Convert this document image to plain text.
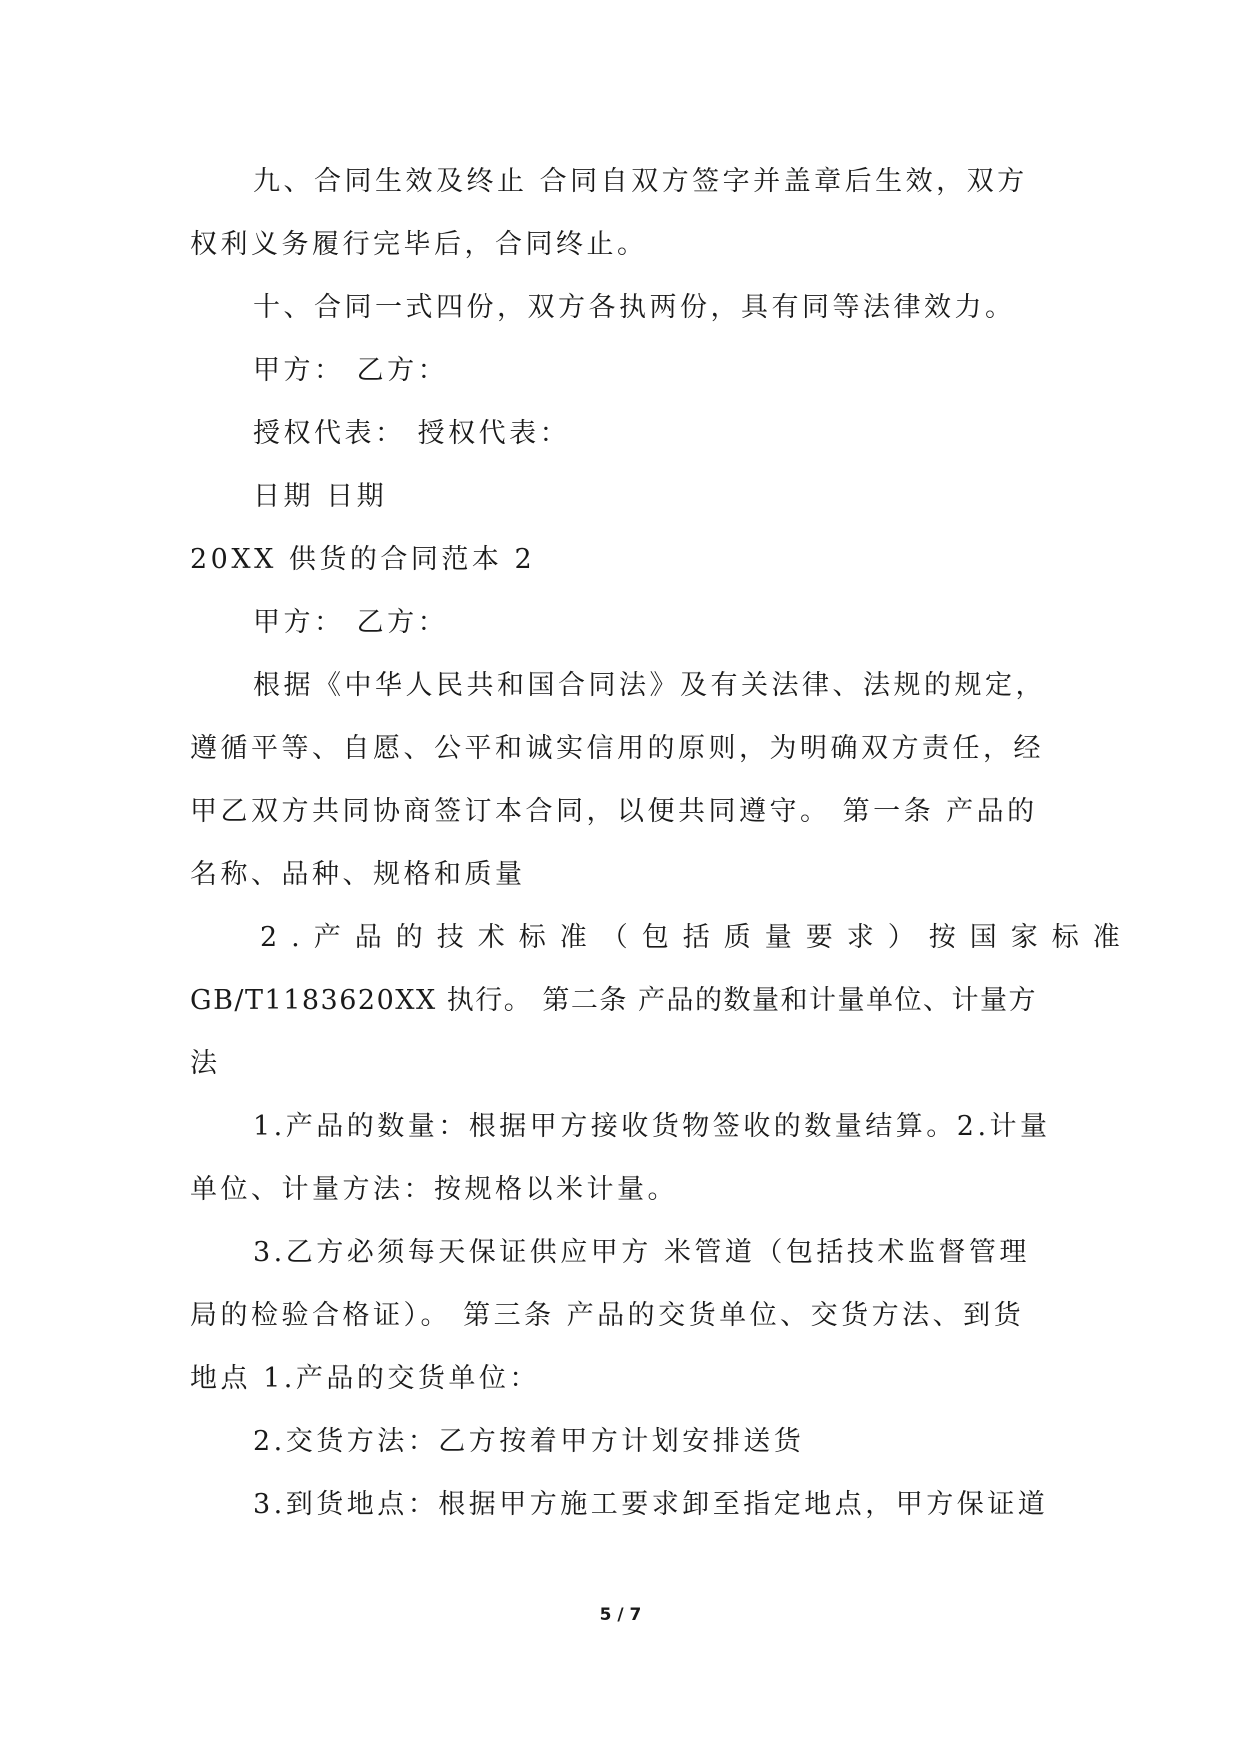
九、合同生效及终止 合同自双方签字并盖章后生效，双方
权利义务履行完毕后，合同终止。
十、合同一式四份，双方各执两份，具有同等法律效力。
甲方： 乙方：
授权代表： 授权代表：
日期 日期
20XX 供货的合同范本 2
甲方： 乙方：
根据《中华人民共和国合同法》及有关法律、法规的规定，
遵循平等、自愿、公平和诚实信用的原则，为明确双方责任，经
甲乙双方共同协商签订本合同，以便共同遵守。 第一条 产品的
名称、品种、规格和质量
2.产品的技术标准（包括质量要求）按国家标准
GB/T1183620XX 执行。 第二条 产品的数量和计量单位、计量方
法
1.产品的数量：根据甲方接收货物签收的数量结算。2.计量
单位、计量方法：按规格以米计量。
3.乙方必须每天保证供应甲方 米管道（包括技术监督管理
局的检验合格证）。 第三条 产品的交货单位、交货方法、到货
地点 1.产品的交货单位：
2.交货方法：乙方按着甲方计划安排送货
3.到货地点：根据甲方施工要求卸至指定地点，甲方保证道
5 / 7
